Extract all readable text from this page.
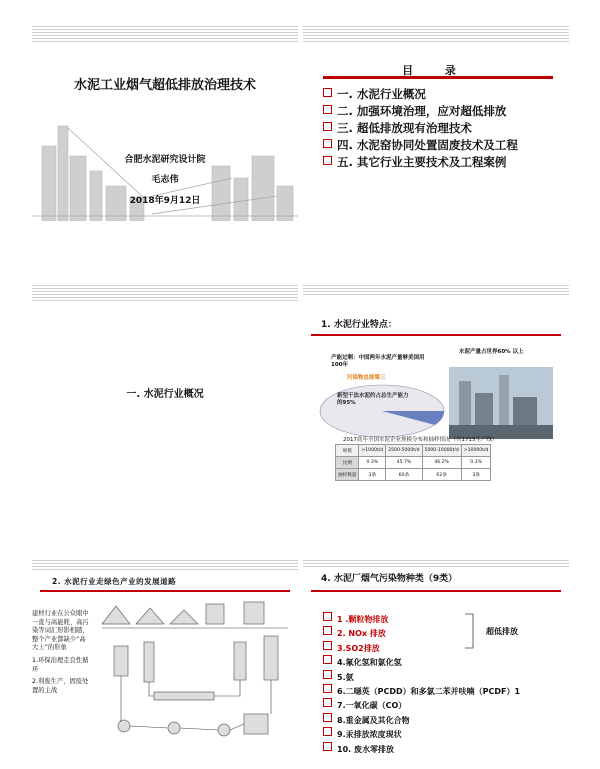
水泥工业烟气超低排放治理技术
合肥水泥研究设计院
毛志伟
2018年9月12日
目 录
一. 水泥行业概况
二. 加强环境治理，应对超低排放
三. 超低排放现有治理技术
四. 水泥窑协同处置固废技术及工程
五. 其它行业主要技术及工程案例
一. 水泥行业概况
1. 水泥行业特点：
产能过剩：中国两年水泥产量够美国用100年
水泥产量占世界60% 以上
污染物总排第三
新型干法水泥约占总生产能力的95%
2017底年全国水泥企业规模分布和抽样情况（共1715生产线）
规模	>1000t/d	2500-5000t/d	5000-10000t/d	>10000t/d
比例	0.3%	45.7%	46.2%	0.3%
抽样数量	3条	60条	62条	3条
2. 水泥行业走绿色产业的发展道路
建材行业在公众眼中一直与高能耗、高污染等词汇形影相随，整个产业都缺少“高大上”的形象
1.环保治理走良性循环
2.利废生产，固废处置的主战
4. 水泥厂烟气污染物种类（9类）
1 .颗粒物排放
2. NOx 排放
3.SO2排放
4.氟化氢和氯化氢
5.氨
6.二噁英（PCDD）和多氯二苯并呋喃（PCDF）1
7.一氧化碳（CO）
8.重金属及其化合物
9.汞排放浓度现状
10. 废水零排放
超低排放
